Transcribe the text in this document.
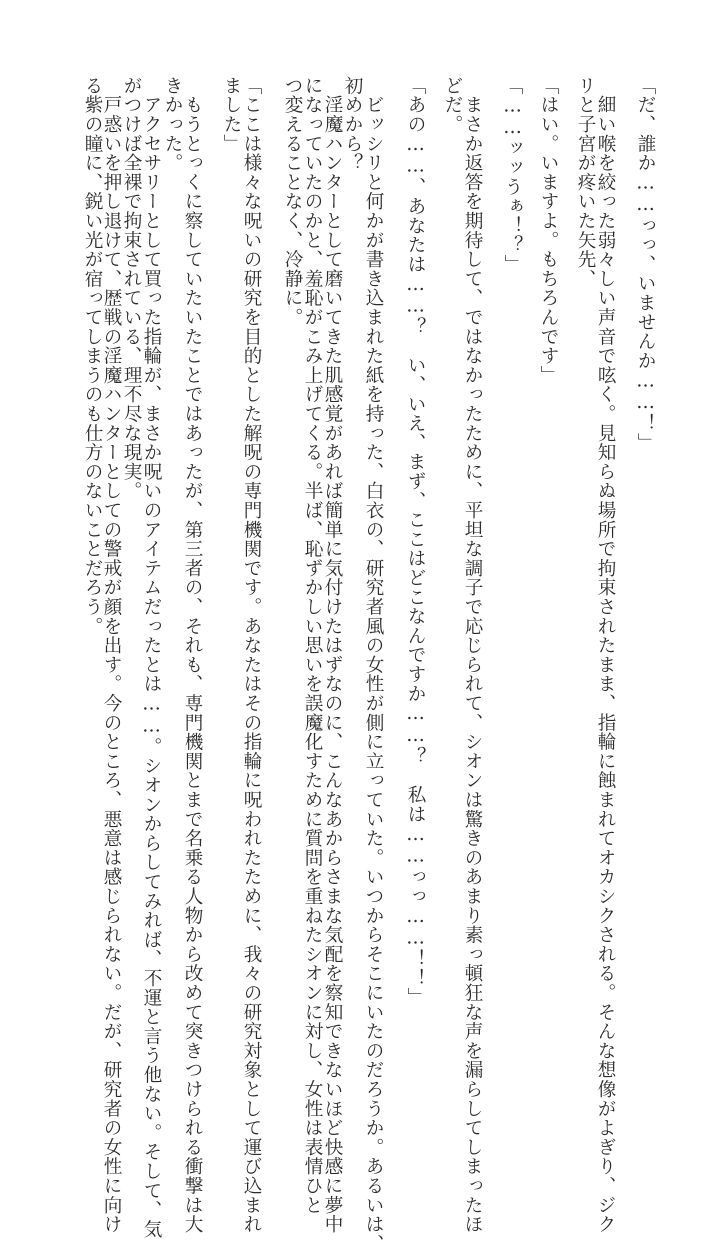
「だ、誰か……っっ、いませんか……！」
　細い喉を絞った弱々しい声音で呟く。見知らぬ場所で拘束されたまま、指輪に蝕まれてオカシクされる。そんな想像がよぎり、ジク
リと子宮が疼いた矢先、
「はい。いますよ。もちろんです」
「……ッッうぁ！？」
　まさか返答を期待して、ではなかったために、平坦な調子で応じられて、シオンは驚きのあまり素っ頓狂な声を漏らしてしまったほ
どだ。
「あの……、あなたは……？　い、いえ、まず、ここはどこなんですか……？　私は……っっ……！！」
　ビッシリと何かが書き込まれた紙を持った、白衣の、研究者風の女性が側に立っていた。いつからそこにいたのだろうか。あるいは、
初めから？
　淫魔ハンターとして磨いてきた肌感覚があれば簡単に気付けたはずなのに、こんなあからさまな気配を察知できないほど快感に夢中
になっていたのかと、羞恥がこみ上げてくる。半ば、恥ずかしい思いを誤魔化すために質問を重ねたシオンに対し、女性は表情ひと
つ変えることなく、冷静に。
「ここは様々な呪いの研究を目的とした解呪の専門機関です。あなたはその指輪に呪われたために、我々の研究対象として運び込まれ
ました」
　もうとっくに察していたいたことではあったが、第三者の、それも、専門機関とまで名乗る人物から改めて突きつけられる衝撃は大
きかった。
　アクセサリーとして買った指輪が、まさか呪いのアイテムだったとは……。シオンからしてみれば、不運と言う他ない。そして、気
がつけば全裸で拘束されている、理不尽な現実。
　戸惑いを押し退けて、歴戦の淫魔ハンターとしての警戒が顔を出す。今のところ、悪意は感じられない。だが、研究者の女性に向け
る紫の瞳に、鋭い光が宿ってしまうのも仕方のないことだろう。
